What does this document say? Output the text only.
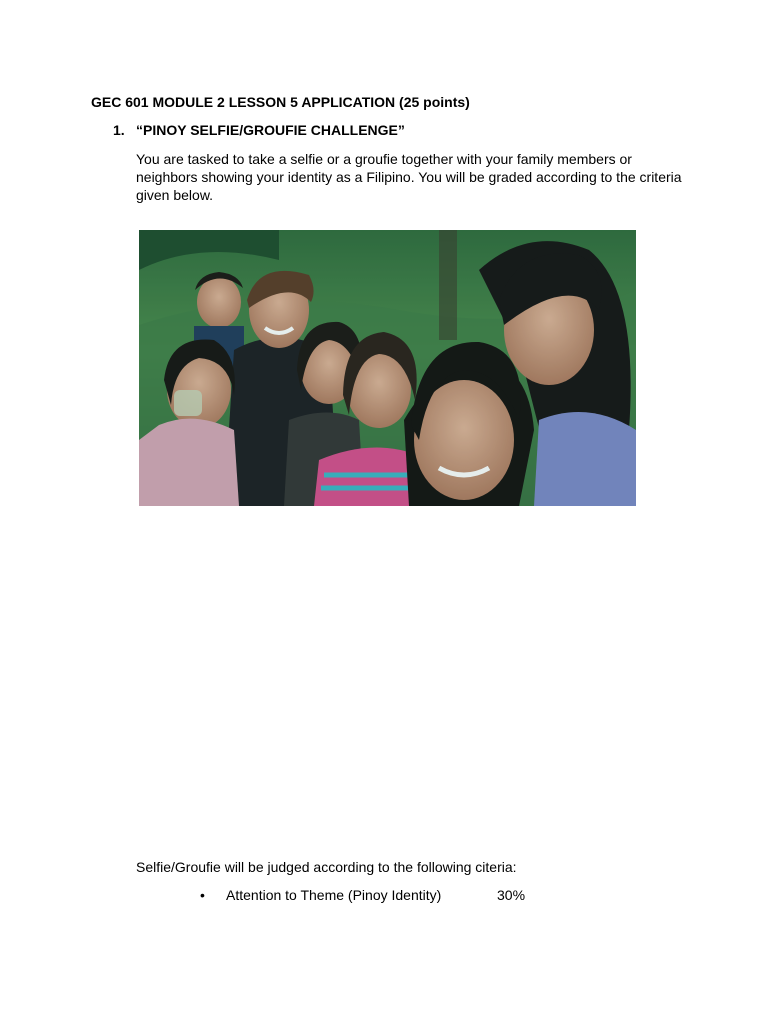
GEC 601 MODULE 2 LESSON 5 APPLICATION (25 points)
1. “PINOY SELFIE/GROUFIE CHALLENGE”
You are tasked to take a selfie or a groufie together with your family members or neighbors showing your identity as a Filipino. You will be graded according to the criteria given below.
Selfie/Groufie will be judged according to the following citeria:
• Attention to Theme (Pinoy Identity)	30%
